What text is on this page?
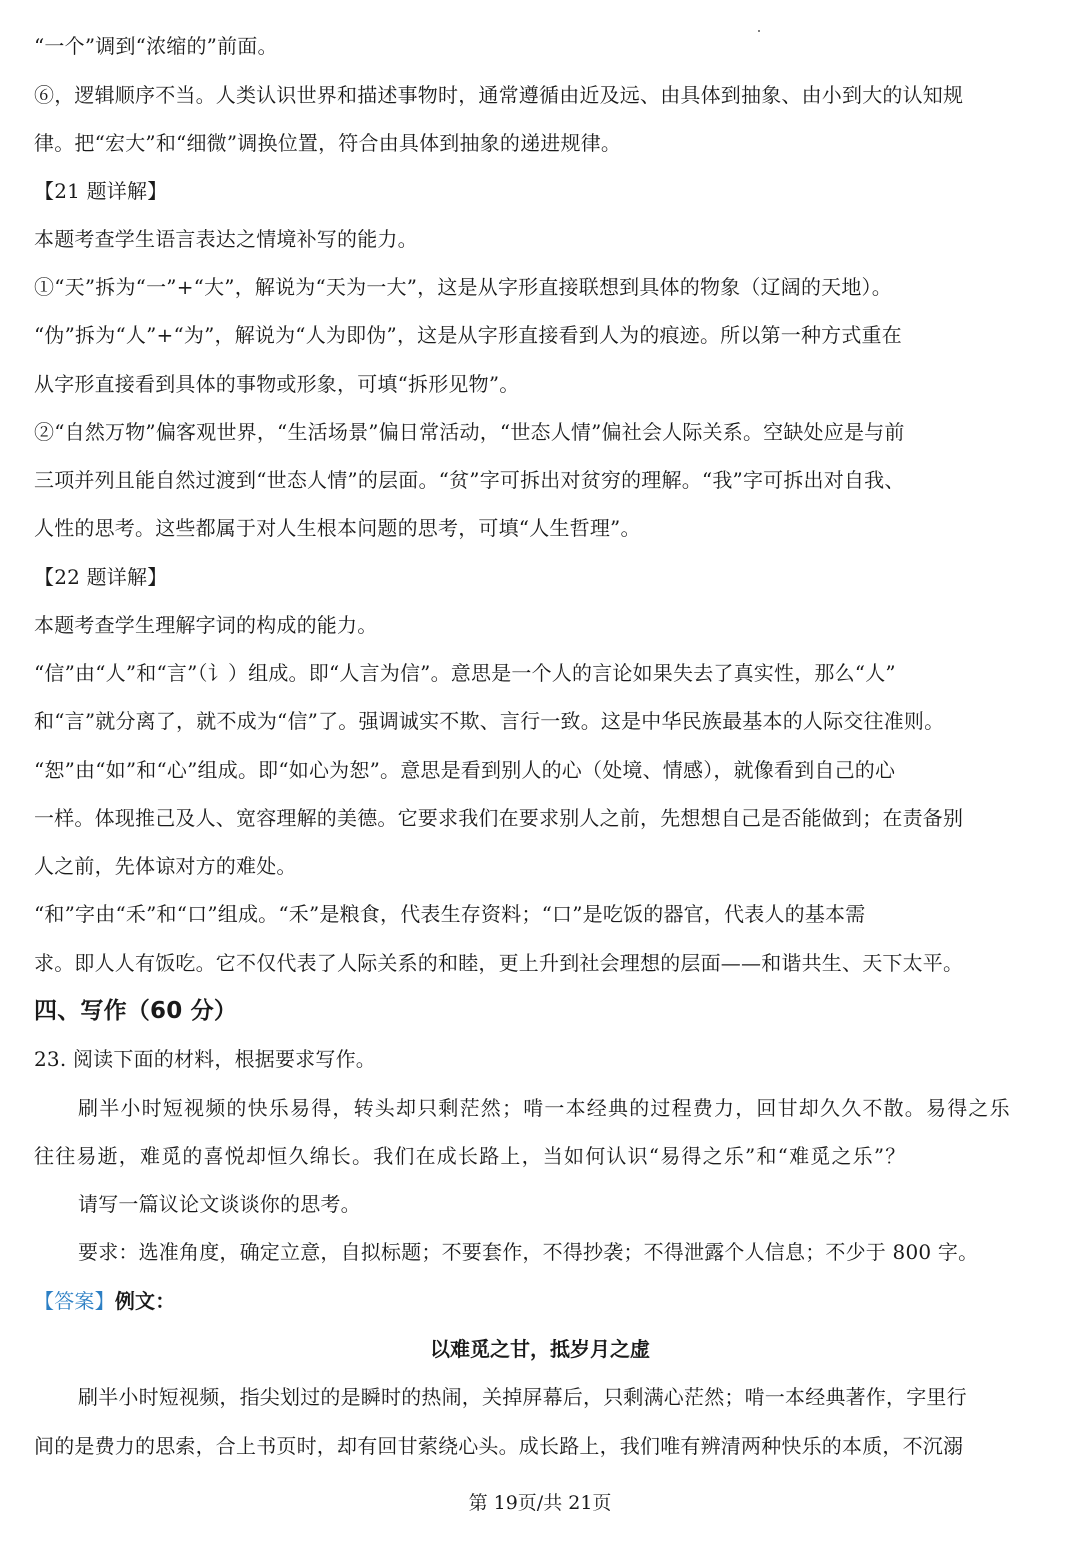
“一个”调到“浓缩的”前面。
⑥，逻辑顺序不当。人类认识世界和描述事物时，通常遵循由近及远、由具体到抽象、由小到大的认知规
律。把“宏大”和“细微”调换位置，符合由具体到抽象的递进规律。
【21 题详解】
本题考查学生语言表达之情境补写的能力。
①“天”拆为“一”+“大”，解说为“天为一大”，这是从字形直接联想到具体的物象（辽阔的天地）。
“伪”拆为“人”+“为”，解说为“人为即伪”，这是从字形直接看到人为的痕迹。所以第一种方式重在
从字形直接看到具体的事物或形象，可填“拆形见物”。
②“自然万物”偏客观世界，“生活场景”偏日常活动，“世态人情”偏社会人际关系。空缺处应是与前
三项并列且能自然过渡到“世态人情”的层面。“贫”字可拆出对贫穷的理解。“我”字可拆出对自我、
人性的思考。这些都属于对人生根本问题的思考，可填“人生哲理”。
【22 题详解】
本题考查学生理解字词的构成的能力。
“信”由“人”和“言”（讠）组成。即“人言为信”。意思是一个人的言论如果失去了真实性，那么“人”
和“言”就分离了，就不成为“信”了。强调诚实不欺、言行一致。这是中华民族最基本的人际交往准则。
“恕”由“如”和“心”组成。即“如心为恕”。意思是看到别人的心（处境、情感），就像看到自己的心
一样。体现推己及人、宽容理解的美德。它要求我们在要求别人之前，先想想自己是否能做到；在责备别
人之前，先体谅对方的难处。
“和”字由“禾”和“口”组成。“禾”是粮食，代表生存资料；“口”是吃饭的器官，代表人的基本需
求。即人人有饭吃。它不仅代表了人际关系的和睦，更上升到社会理想的层面——和谐共生、天下太平。
四、写作（60 分）
23. 阅读下面的材料，根据要求写作。
刷半小时短视频的快乐易得，转头却只剩茫然；啃一本经典的过程费力，回甘却久久不散。易得之乐
往往易逝，难觅的喜悦却恒久绵长。我们在成长路上，当如何认识“易得之乐”和“难觅之乐”？
请写一篇议论文谈谈你的思考。
要求：选准角度，确定立意，自拟标题；不要套作，不得抄袭；不得泄露个人信息；不少于 800 字。
【答案】例文：
以难觅之甘，抵岁月之虚
刷半小时短视频，指尖划过的是瞬时的热闹，关掉屏幕后，只剩满心茫然；啃一本经典著作，字里行
间的是费力的思索，合上书页时，却有回甘萦绕心头。成长路上，我们唯有辨清两种快乐的本质，不沉溺
第 19页/共 21页
